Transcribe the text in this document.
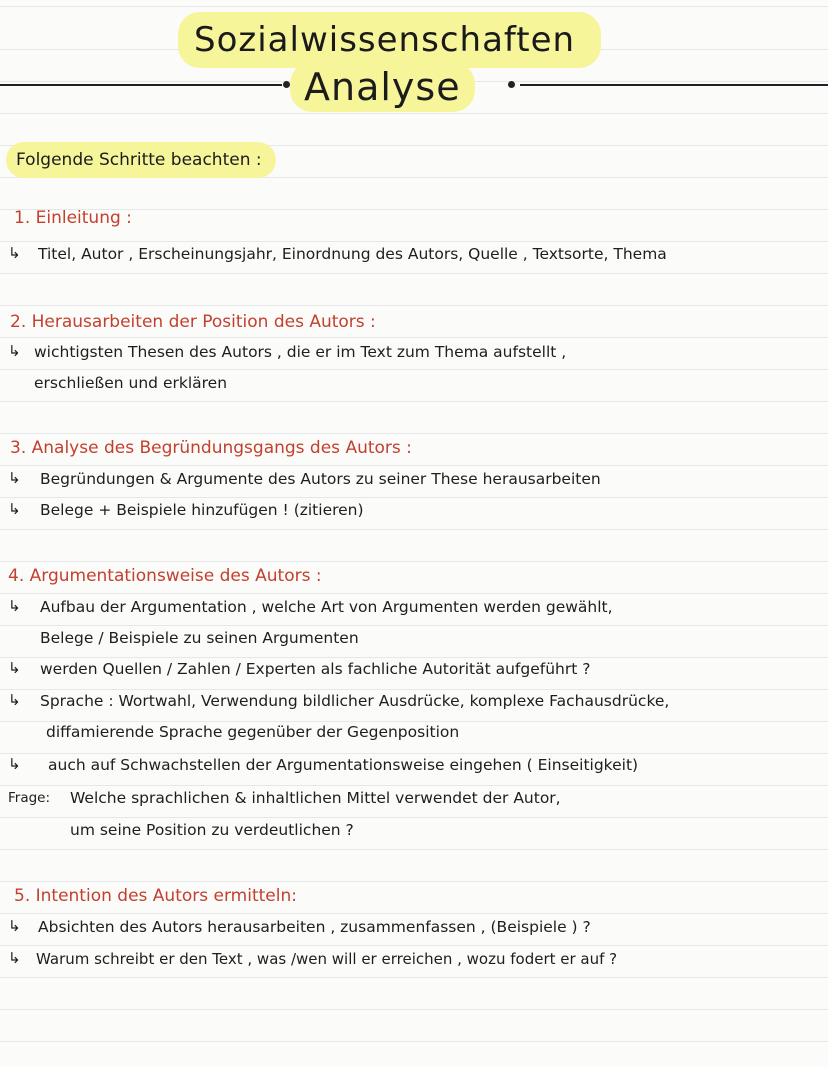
Sozialwissenschaften
Analyse
Folgende Schritte beachten :
1. Einleitung :
↳ Titel, Autor , Erscheinungsjahr, Einordnung des Autors, Quelle , Textsorte, Thema
2. Herausarbeiten der Position des Autors :
↳ wichtigsten Thesen des Autors , die er im Text zum Thema aufstellt ,
erschließen und erklären
3. Analyse des Begründungsgangs des Autors :
↳ Begründungen & Argumente des Autors zu seiner These herausarbeiten
↳ Belege + Beispiele hinzufügen ! (zitieren)
4. Argumentationsweise des Autors :
↳ Aufbau der Argumentation , welche Art von Argumenten werden gewählt,
Belege / Beispiele zu seinen Argumenten
↳ werden Quellen / Zahlen / Experten als fachliche Autorität aufgeführt ?
↳ Sprache : Wortwahl, Verwendung bildlicher Ausdrücke, komplexe Fachausdrücke,
diffamierende Sprache gegenüber der Gegenposition
↳ auch auf Schwachstellen der Argumentationsweise eingehen ( Einseitigkeit)
Frage: Welche sprachlichen & inhaltlichen Mittel verwendet der Autor,
um seine Position zu verdeutlichen ?
5. Intention des Autors ermitteln:
↳ Absichten des Autors herausarbeiten , zusammenfassen , (Beispiele ) ?
↳ Warum schreibt er den Text , was /wen will er erreichen , wozu fodert er auf ?
